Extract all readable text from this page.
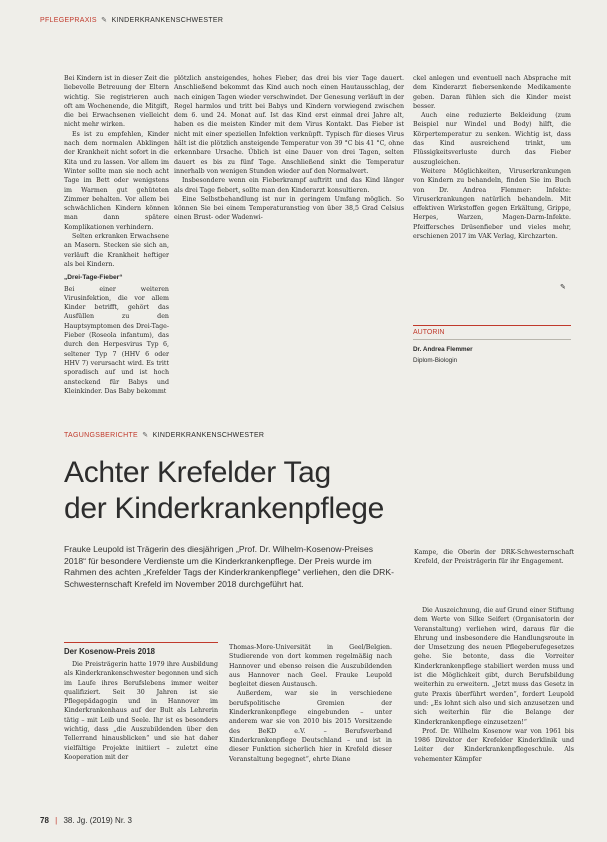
PFLEGEPRAXIS ✎ KINDERKRANKENSCHWESTER

Bei Kindern ist in dieser Zeit die liebevolle Betreuung der Eltern wichtig. Sie registrieren auch oft am Wochenende, die Mitgift, die bei Erwachsenen vielleicht nicht mehr wirken.

Es ist zu empfehlen, Kinder nach dem normalen Abklingen der Krankheit nicht sofort in die Kita und zu lassen. Vor allem im Winter sollte man sie noch acht Tage im Bett oder wenigstens im Warmen gut gehüteten Zimmer behalten. Vor allem bei schwächlichen Kindern können man dann spätere Komplikationen verhindern.

Selten erkranken Erwachsene an Masern. Stecken sie sich an, verläuft die Krankheit heftiger als bei Kindern.

„Drei-Tage-Fieber“

Bei einer weiteren Virusinfektion, die vor allem Kinder betrifft, gehört das Ausfüllen zu den Hauptsymptomen des Drei-Tage-Fieber (Roseola infantum), das durch den Herpesvirus Typ 6, seltener Typ 7 (HHV 6 oder HHV 7) verursacht wird. Es tritt sporadisch auf und ist hoch ansteckend für Babys und Kleinkinder. Das Baby bekommt

plötzlich ansteigendes, hohes Fieber, das drei bis vier Tage dauert. Anschließend bekommt das Kind auch noch einen Hautausschlag, der nach einigen Tagen wieder verschwindet. Der Genesung verläuft in der Regel harmlos und tritt bei Babys und Kindern vorwiegend zwischen dem 6. und 24. Monat auf. Ist das Kind erst einmal drei Jahre alt, haben es die meisten Kinder mit dem Virus Kontakt. Das Fieber ist nicht mit einer speziellen Infektion verknüpft. Typisch für dieses Virus hält ist die plötzlich ansteigende Temperatur von 39 °C bis 41 °C, ohne erkennbare Ursache. Üblich ist eine Dauer von drei Tagen, selten dauert es bis zu fünf Tage. Anschließend sinkt die Temperatur innerhalb von wenigen Stunden wieder auf den Normalwert.

Insbesondere wenn ein Fieberkrampf auftritt und das Kind länger als drei Tage fiebert, sollte man den Kinderarzt konsultieren.

Eine Selbstbehandlung ist nur in geringem Umfang möglich. So können Sie bei einem Temperaturanstieg von über 38,5 Grad Celsius einen Brust- oder Wadenwi-

ckel anlegen und eventuell nach Absprache mit dem Kinderarzt fiebersenkende Medikamente geben. Daran fühlen sich die Kinder meist besser.

Auch eine reduzierte Bekleidung (zum Beispiel nur Windel und Body) hilft, die Körpertemperatur zu senken. Wichtig ist, dass das Kind ausreichend trinkt, um Flüssigkeitsverluste durch das Fieber auszugleichen.

Weitere Möglichkeiten, Viruserkrankungen von Kindern zu behandeln, finden Sie im Buch von Dr. Andrea Flemmer: Infekte: Viruserkrankungen natürlich behandeln. Mit effektiven Wirkstoffen gegen Erkältung, Grippe, Herpes, Warzen, Magen-Darm-Infekte. Pfeiffersches Drüsenfieber und vieles mehr, erschienen 2017 im VAK Verlag, Kirchzarten.

✎
AUTORIN
Dr. Andrea Flemmer
Diplom-Biologin
TAGUNGSBERICHTE ✎ KINDERKRANKENSCHWESTER
Achter Krefelder Tag
der Kinderkrankenpflege
Frauke Leupold ist Trägerin des diesjährigen „Prof. Dr. Wilhelm-Kosenow-Preises 2018“ für besondere Verdienste um die Kinderkrankenpflege. Der Preis wurde im Rahmen des achten „Krefelder Tags der Kinderkrankenpflege“ verliehen, den die DRK-Schwesternschaft Krefeld im November 2018 durchgeführt hat.

Kampe, die Oberin der DRK-Schwesternschaft Krefeld, der Preisträgerin für ihr Engagement.

Der Kosenow-Preis 2018

Die Preisträgerin hatte 1979 ihre Ausbildung als Kinderkrankenschwester begonnen und sich im Laufe ihres Berufslebens immer weiter qualifiziert. Seit 30 Jahren ist sie Pflegepädagogin und in Hannover im Kinderkrankenhaus auf der Bult als Lehrerin tätig – mit Leib und Seele. Ihr ist es besonders wichtig, dass „die Auszubildenden über den Tellerrand hinausblicken“ und sie hat daher vielfältige Projekte initiiert – zuletzt eine Kooperation mit der

Thomas-More-Universität in Geel/Belgien. Studierende von dort kommen regelmäßig nach Hannover und ebenso reisen die Auszubildenden aus Hannover nach Geel. Frauke Leupold begleitet diesen Austausch.

Außerdem, war sie in verschiedene berufspolitische Gremien der Kinderkrankenpflege eingebunden – unter anderem war sie von 2010 bis 2015 Vorsitzende des BeKD e.V. – Berufsverband Kinderkrankenpflege Deutschland – und ist in dieser Funktion sicherlich hier in Krefeld dieser Veranstaltung begegnet“, ehrte Diane

Die Auszeichnung, die auf Grund einer Stiftung dem Werte von Silke Seifert (Organisatorin der Veranstaltung) verliehen wird, daraus für die Ehrung und insbesondere die Handlungsroute in der Umsetzung des neuen Pflegeberufegesetzes gehe. Sie betonte, dass die Vorreiter Kinderkrankenpflege stabiliert werden muss und ist die Möglichkeit gibt, durch Berufsbildung weiterhin zu erweitern. „Jetzt muss das Gesetz in gute Praxis überführt werden“, fordert Leupold und: „Es lohnt sich also und sich anzusetzen und sich weiterhin für die Belange der Kinderkrankenpflege einzusetzen!“

Prof. Dr. Wilhelm Kosenow war von 1961 bis 1986 Direktor der Krefelder Kinderklinik und Leiter der Kinderkrankenpflegeschule. Als vehementer Kämpfer

78 | 38. Jg. (2019) Nr. 3
